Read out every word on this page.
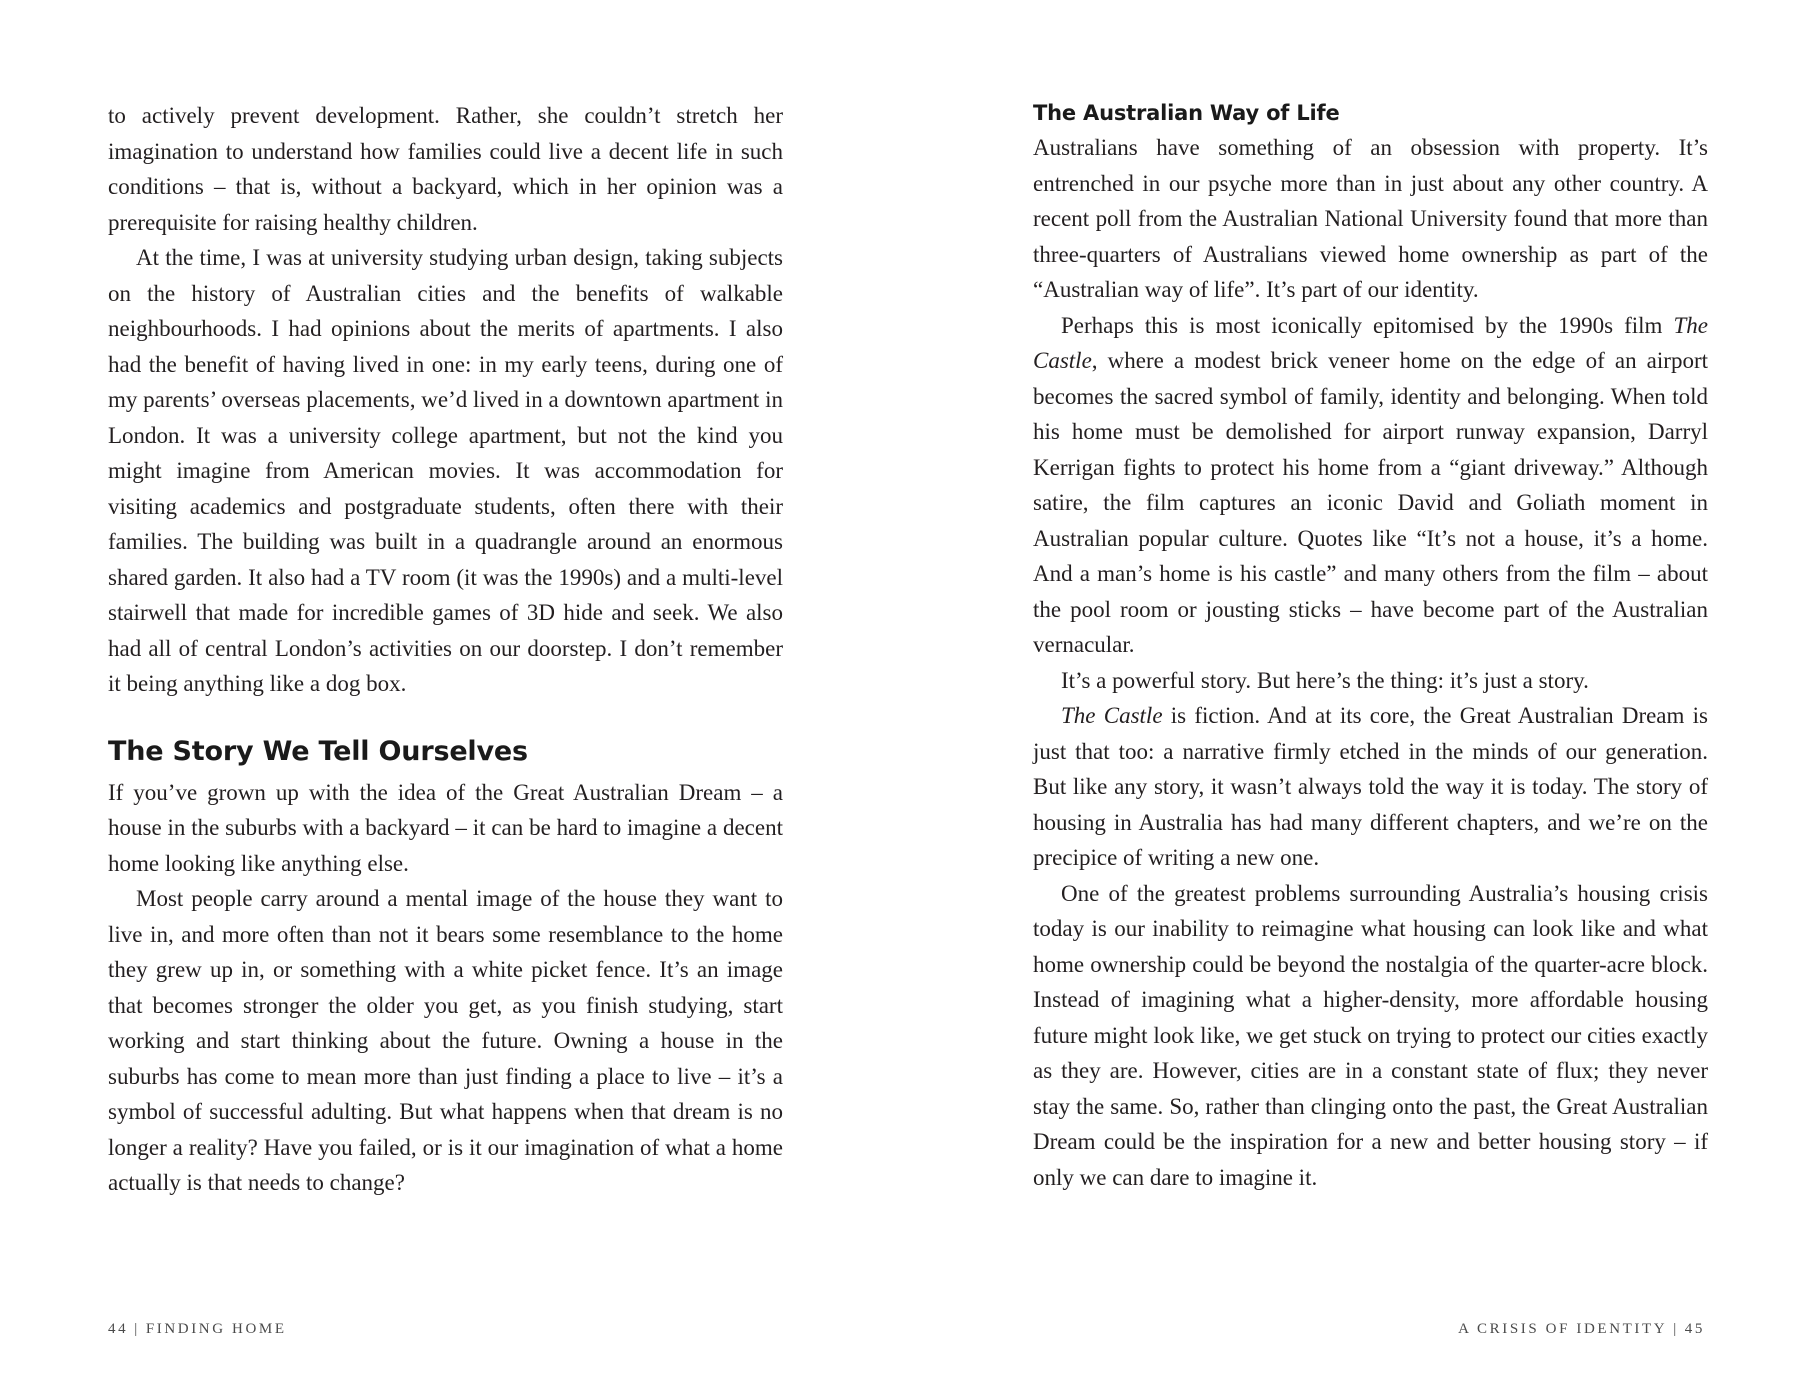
to actively prevent development. Rather, she couldn’t stretch her imagination to understand how families could live a decent life in such conditions – that is, without a backyard, which in her opinion was a prerequisite for raising healthy children.

At the time, I was at university studying urban design, taking subjects on the history of Australian cities and the benefits of walkable neighbourhoods. I had opinions about the merits of apartments. I also had the benefit of having lived in one: in my early teens, during one of my parents’ overseas placements, we’d lived in a downtown apartment in London. It was a university college apartment, but not the kind you might imagine from American movies. It was accommodation for visiting academics and postgraduate students, often there with their families. The building was built in a quadrangle around an enormous shared garden. It also had a TV room (it was the 1990s) and a multi-level stairwell that made for incredible games of 3D hide and seek. We also had all of central London’s activities on our doorstep. I don’t remember it being anything like a dog box.

The Story We Tell Ourselves

If you’ve grown up with the idea of the Great Australian Dream – a house in the suburbs with a backyard – it can be hard to imagine a decent home looking like anything else.

Most people carry around a mental image of the house they want to live in, and more often than not it bears some resemblance to the home they grew up in, or something with a white picket fence. It’s an image that becomes stronger the older you get, as you finish studying, start working and start thinking about the future. Owning a house in the suburbs has come to mean more than just finding a place to live – it’s a symbol of successful adulting. But what happens when that dream is no longer a reality? Have you failed, or is it our imagination of what a home actually is that needs to change?

The Australian Way of Life

Australians have something of an obsession with property. It’s entrenched in our psyche more than in just about any other country. A recent poll from the Australian National University found that more than three-quarters of Australians viewed home ownership as part of the “Australian way of life”. It’s part of our identity.

Perhaps this is most iconically epitomised by the 1990s film The Castle, where a modest brick veneer home on the edge of an airport becomes the sacred symbol of family, identity and belonging. When told his home must be demolished for airport runway expansion, Darryl Kerrigan fights to protect his home from a “giant driveway.” Although satire, the film captures an iconic David and Goliath moment in Australian popular culture. Quotes like “It’s not a house, it’s a home. And a man’s home is his castle” and many others from the film – about the pool room or jousting sticks – have become part of the Australian vernacular.

It’s a powerful story. But here’s the thing: it’s just a story.

The Castle is fiction. And at its core, the Great Australian Dream is just that too: a narrative firmly etched in the minds of our generation. But like any story, it wasn’t always told the way it is today. The story of housing in Australia has had many different chapters, and we’re on the precipice of writing a new one.

One of the greatest problems surrounding Australia’s housing crisis today is our inability to reimagine what housing can look like and what home ownership could be beyond the nostalgia of the quarter-acre block. Instead of imagining what a higher-density, more affordable housing future might look like, we get stuck on trying to protect our cities exactly as they are. However, cities are in a constant state of flux; they never stay the same. So, rather than clinging onto the past, the Great Australian Dream could be the inspiration for a new and better housing story – if only we can dare to imagine it.

44 | FINDING HOME	A CRISIS OF IDENTITY | 45
